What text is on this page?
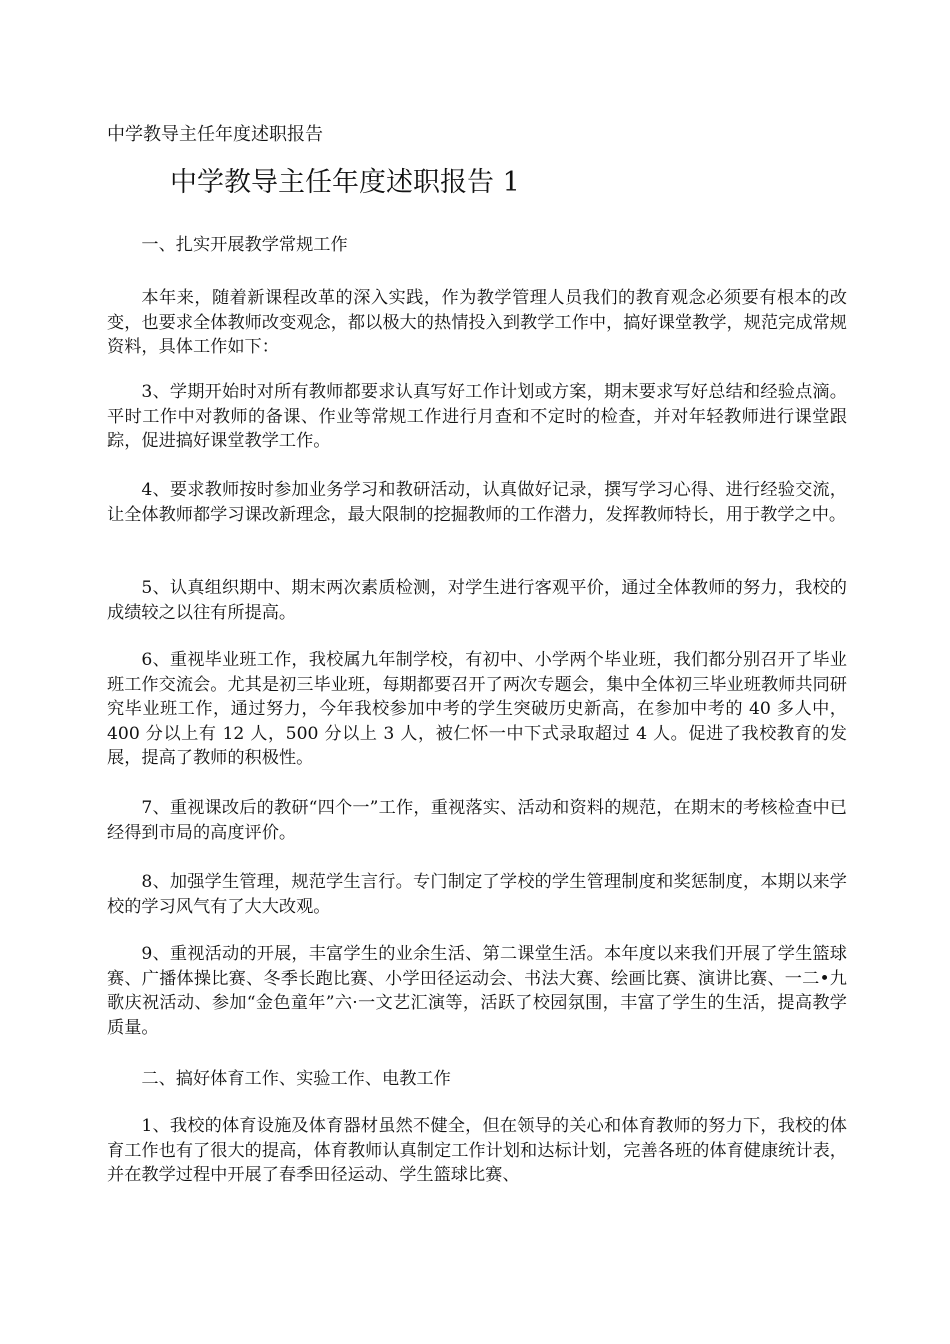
中学教导主任年度述职报告
中学教导主任年度述职报告 1

一、扎实开展教学常规工作

本年来，随着新课程改革的深入实践，作为教学管理人员我们的教育观念必须要有根本的改变，也要求全体教师改变观念，都以极大的热情投入到教学工作中，搞好课堂教学，规范完成常规资料，具体工作如下：

3、学期开始时对所有教师都要求认真写好工作计划或方案，期末要求写好总结和经验点滴。平时工作中对教师的备课、作业等常规工作进行月查和不定时的检查，并对年轻教师进行课堂跟踪，促进搞好课堂教学工作。

4、要求教师按时参加业务学习和教研活动，认真做好记录，撰写学习心得、进行经验交流，让全体教师都学习课改新理念，最大限制的挖掘教师的工作潜力，发挥教师特长，用于教学之中。

5、认真组织期中、期末两次素质检测，对学生进行客观平价，通过全体教师的努力，我校的成绩较之以往有所提高。

6、重视毕业班工作，我校属九年制学校，有初中、小学两个毕业班，我们都分别召开了毕业班工作交流会。尤其是初三毕业班，每期都要召开了两次专题会，集中全体初三毕业班教师共同研究毕业班工作，通过努力，今年我校参加中考的学生突破历史新高，在参加中考的 40 多人中，400 分以上有 12 人，500 分以上 3 人，被仁怀一中下式录取超过 4 人。促进了我校教育的发展，提高了教师的积极性。

7、重视课改后的教研“四个一”工作，重视落实、活动和资料的规范，在期末的考核检查中已经得到市局的高度评价。

8、加强学生管理，规范学生言行。专门制定了学校的学生管理制度和奖惩制度，本期以来学校的学习风气有了大大改观。

9、重视活动的开展，丰富学生的业余生活、第二课堂生活。本年度以来我们开展了学生篮球赛、广播体操比赛、冬季长跑比赛、小学田径运动会、书法大赛、绘画比赛、演讲比赛、一二•九歌庆祝活动、参加“金色童年”六·一文艺汇演等，活跃了校园氛围，丰富了学生的生活，提高教学质量。

二、搞好体育工作、实验工作、电教工作

1、我校的体育设施及体育器材虽然不健全，但在领导的关心和体育教师的努力下，我校的体育工作也有了很大的提高，体育教师认真制定工作计划和达标计划，完善各班的体育健康统计表，并在教学过程中开展了春季田径运动、学生篮球比赛、
